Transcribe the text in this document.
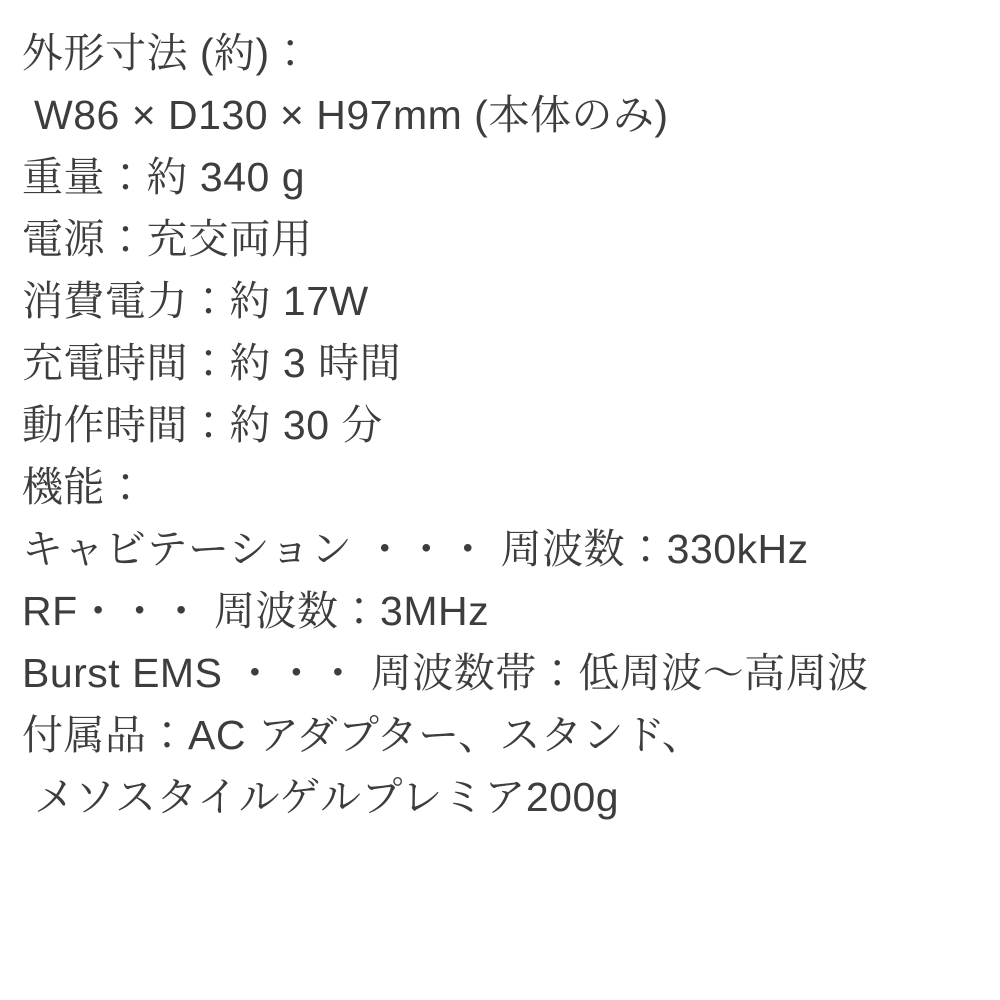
外形寸法 (約)：
W86 × D130 × H97mm (本体のみ)
重量：約 340 g
電源：充交両用
消費電力：約 17W
充電時間：約 3 時間
動作時間：約 30 分
機能：
キャビテーション ・・・ 周波数：330kHz
RF・・・ 周波数：3MHz
Burst EMS ・・・ 周波数帯：低周波〜高周波
付属品：AC アダプター、スタンド、
メソスタイルゲルプレミア200g
